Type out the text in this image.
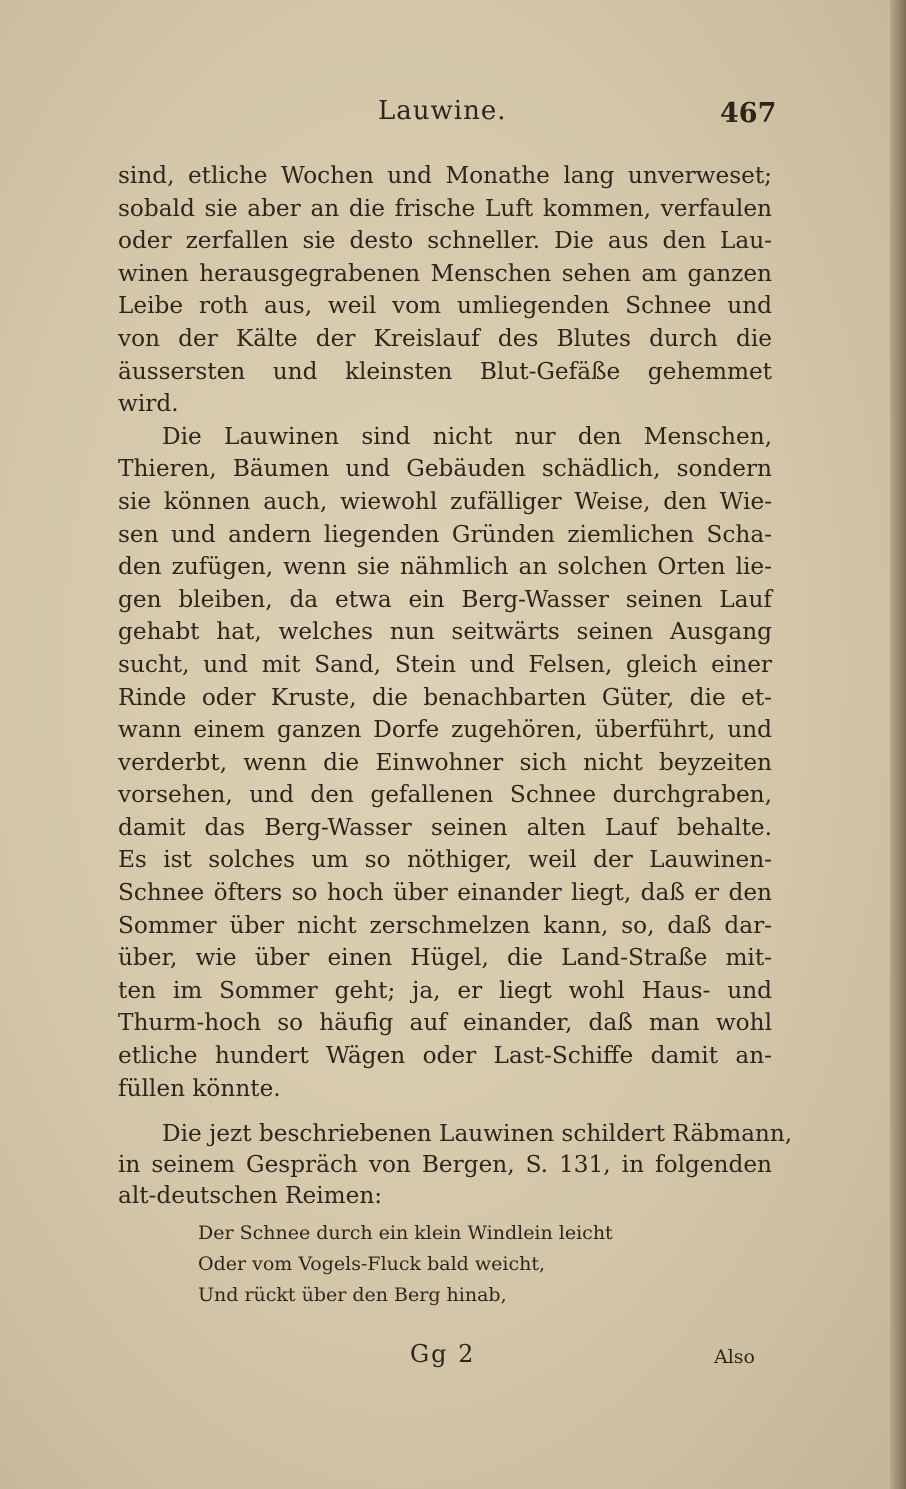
Lauwine.	467
sind, etliche Wochen und Monathe lang unverweset;
sobald sie aber an die frische Luft kommen, verfaulen
oder zerfallen sie desto schneller. Die aus den Lau-
winen herausgegrabenen Menschen sehen am ganzen
Leibe roth aus, weil vom umliegenden Schnee und
von der Kälte der Kreislauf des Blutes durch die
äussersten und kleinsten Blut-Gefäße gehemmet
wird.
Die Lauwinen sind nicht nur den Menschen,
Thieren, Bäumen und Gebäuden schädlich, sondern
sie können auch, wiewohl zufälliger Weise, den Wie-
sen und andern liegenden Gründen ziemlichen Scha-
den zufügen, wenn sie nähmlich an solchen Orten lie-
gen bleiben, da etwa ein Berg-Wasser seinen Lauf
gehabt hat, welches nun seitwärts seinen Ausgang
sucht, und mit Sand, Stein und Felsen, gleich einer
Rinde oder Kruste, die benachbarten Güter, die et-
wann einem ganzen Dorfe zugehören, überführt, und
verderbt, wenn die Einwohner sich nicht beyzeiten
vorsehen, und den gefallenen Schnee durchgraben,
damit das Berg-Wasser seinen alten Lauf behalte.
Es ist solches um so nöthiger, weil der Lauwinen-
Schnee öfters so hoch über einander liegt, daß er den
Sommer über nicht zerschmelzen kann, so, daß dar-
über, wie über einen Hügel, die Land-Straße mit-
ten im Sommer geht; ja, er liegt wohl Haus- und
Thurm-hoch so häufig auf einander, daß man wohl
etliche hundert Wägen oder Last-Schiffe damit an-
füllen könnte.
Die jezt beschriebenen Lauwinen schildert Räbmann,
in seinem Gespräch von Bergen, S. 131, in folgenden
alt-deutschen Reimen:
Der Schnee durch ein klein Windlein leicht
Oder vom Vogels-Fluck bald weicht,
Und rückt über den Berg hinab,
Gg 2	Also
